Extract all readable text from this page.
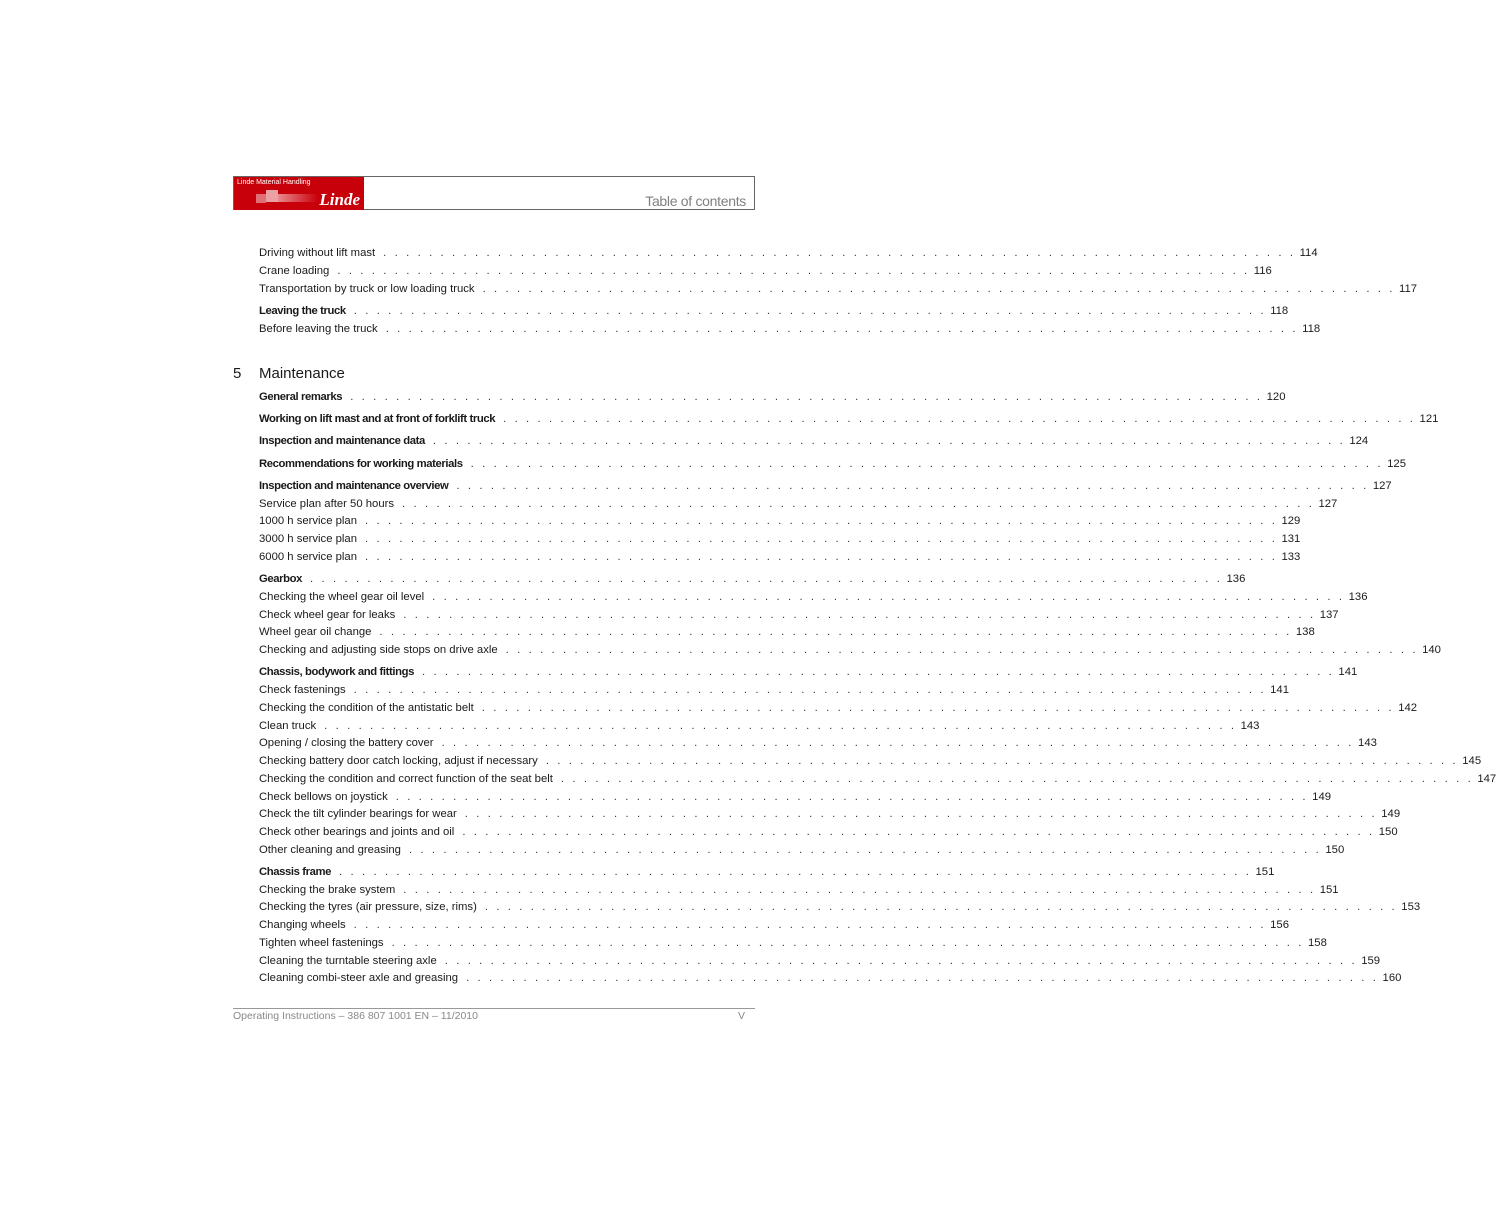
Linde Material Handling
Linde	Table of contents
Driving without lift mast . . . . . . . . . . . . . . . . . . . . . . . . . . . . . . . . . . . . . . . . . . . . . . . . . . . . . . . . . . . . . . . . . . . . . . . . . . . . . . . . 114
Crane loading . . . . . . . . . . . . . . . . . . . . . . . . . . . . . . . . . . . . . . . . . . . . . . . . . . . . . . . . . . . . . . . . . . . . . . . . . . . . . . . . 116
Transportation by truck or low loading truck . . . . . . . . . . . . . . . . . . . . . . . . . . . . . . . . . . . . . . . . . . . . . . . . . . . . . . . . . . . . . . . . . . . . . . . . . . . . . . . . 117
Leaving the truck . . . . . . . . . . . . . . . . . . . . . . . . . . . . . . . . . . . . . . . . . . . . . . . . . . . . . . . . . . . . . . . . . . . . . . . . . . . . . . . . 118
Before leaving the truck . . . . . . . . . . . . . . . . . . . . . . . . . . . . . . . . . . . . . . . . . . . . . . . . . . . . . . . . . . . . . . . . . . . . . . . . . . . . . . . . 118
General remarks . . . . . . . . . . . . . . . . . . . . . . . . . . . . . . . . . . . . . . . . . . . . . . . . . . . . . . . . . . . . . . . . . . . . . . . . . . . . . . . . 120
Working on lift mast and at front of forklift truck . . . . . . . . . . . . . . . . . . . . . . . . . . . . . . . . . . . . . . . . . . . . . . . . . . . . . . . . . . . . . . . . . . . . . . . . . . . . . . . . 121
Inspection and maintenance data . . . . . . . . . . . . . . . . . . . . . . . . . . . . . . . . . . . . . . . . . . . . . . . . . . . . . . . . . . . . . . . . . . . . . . . . . . . . . . . . 124
Recommendations for working materials . . . . . . . . . . . . . . . . . . . . . . . . . . . . . . . . . . . . . . . . . . . . . . . . . . . . . . . . . . . . . . . . . . . . . . . . . . . . . . . . 125
Inspection and maintenance overview . . . . . . . . . . . . . . . . . . . . . . . . . . . . . . . . . . . . . . . . . . . . . . . . . . . . . . . . . . . . . . . . . . . . . . . . . . . . . . . . 127
Service plan after 50 hours . . . . . . . . . . . . . . . . . . . . . . . . . . . . . . . . . . . . . . . . . . . . . . . . . . . . . . . . . . . . . . . . . . . . . . . . . . . . . . . . 127
1000 h service plan . . . . . . . . . . . . . . . . . . . . . . . . . . . . . . . . . . . . . . . . . . . . . . . . . . . . . . . . . . . . . . . . . . . . . . . . . . . . . . . . 129
3000 h service plan . . . . . . . . . . . . . . . . . . . . . . . . . . . . . . . . . . . . . . . . . . . . . . . . . . . . . . . . . . . . . . . . . . . . . . . . . . . . . . . . 131
6000 h service plan . . . . . . . . . . . . . . . . . . . . . . . . . . . . . . . . . . . . . . . . . . . . . . . . . . . . . . . . . . . . . . . . . . . . . . . . . . . . . . . . 133
Gearbox . . . . . . . . . . . . . . . . . . . . . . . . . . . . . . . . . . . . . . . . . . . . . . . . . . . . . . . . . . . . . . . . . . . . . . . . . . . . . . . . 136
Checking the wheel gear oil level . . . . . . . . . . . . . . . . . . . . . . . . . . . . . . . . . . . . . . . . . . . . . . . . . . . . . . . . . . . . . . . . . . . . . . . . . . . . . . . . 136
Check wheel gear for leaks . . . . . . . . . . . . . . . . . . . . . . . . . . . . . . . . . . . . . . . . . . . . . . . . . . . . . . . . . . . . . . . . . . . . . . . . . . . . . . . . 137
Wheel gear oil change . . . . . . . . . . . . . . . . . . . . . . . . . . . . . . . . . . . . . . . . . . . . . . . . . . . . . . . . . . . . . . . . . . . . . . . . . . . . . . . . 138
Checking and adjusting side stops on drive axle . . . . . . . . . . . . . . . . . . . . . . . . . . . . . . . . . . . . . . . . . . . . . . . . . . . . . . . . . . . . . . . . . . . . . . . . . . . . . . . . 140
Chassis, bodywork and fittings . . . . . . . . . . . . . . . . . . . . . . . . . . . . . . . . . . . . . . . . . . . . . . . . . . . . . . . . . . . . . . . . . . . . . . . . . . . . . . . . 141
Check fastenings . . . . . . . . . . . . . . . . . . . . . . . . . . . . . . . . . . . . . . . . . . . . . . . . . . . . . . . . . . . . . . . . . . . . . . . . . . . . . . . . 141
Checking the condition of the antistatic belt . . . . . . . . . . . . . . . . . . . . . . . . . . . . . . . . . . . . . . . . . . . . . . . . . . . . . . . . . . . . . . . . . . . . . . . . . . . . . . . . 142
Clean truck . . . . . . . . . . . . . . . . . . . . . . . . . . . . . . . . . . . . . . . . . . . . . . . . . . . . . . . . . . . . . . . . . . . . . . . . . . . . . . . . 143
Opening / closing the battery cover . . . . . . . . . . . . . . . . . . . . . . . . . . . . . . . . . . . . . . . . . . . . . . . . . . . . . . . . . . . . . . . . . . . . . . . . . . . . . . . . 143
Checking battery door catch locking, adjust if necessary . . . . . . . . . . . . . . . . . . . . . . . . . . . . . . . . . . . . . . . . . . . . . . . . . . . . . . . . . . . . . . . . . . . . . . . . . . . . . . . . 145
Checking the condition and correct function of the seat belt . . . . . . . . . . . . . . . . . . . . . . . . . . . . . . . . . . . . . . . . . . . . . . . . . . . . . . . . . . . . . . . . . . . . . . . . . . . . . . . . 147
Check bellows on joystick . . . . . . . . . . . . . . . . . . . . . . . . . . . . . . . . . . . . . . . . . . . . . . . . . . . . . . . . . . . . . . . . . . . . . . . . . . . . . . . . 149
Check the tilt cylinder bearings for wear . . . . . . . . . . . . . . . . . . . . . . . . . . . . . . . . . . . . . . . . . . . . . . . . . . . . . . . . . . . . . . . . . . . . . . . . . . . . . . . . 149
Check other bearings and joints and oil . . . . . . . . . . . . . . . . . . . . . . . . . . . . . . . . . . . . . . . . . . . . . . . . . . . . . . . . . . . . . . . . . . . . . . . . . . . . . . . . 150
Other cleaning and greasing . . . . . . . . . . . . . . . . . . . . . . . . . . . . . . . . . . . . . . . . . . . . . . . . . . . . . . . . . . . . . . . . . . . . . . . . . . . . . . . . 150
Chassis frame . . . . . . . . . . . . . . . . . . . . . . . . . . . . . . . . . . . . . . . . . . . . . . . . . . . . . . . . . . . . . . . . . . . . . . . . . . . . . . . . 151
Checking the brake system . . . . . . . . . . . . . . . . . . . . . . . . . . . . . . . . . . . . . . . . . . . . . . . . . . . . . . . . . . . . . . . . . . . . . . . . . . . . . . . . 151
Checking the tyres (air pressure, size, rims) . . . . . . . . . . . . . . . . . . . . . . . . . . . . . . . . . . . . . . . . . . . . . . . . . . . . . . . . . . . . . . . . . . . . . . . . . . . . . . . . 153
Changing wheels . . . . . . . . . . . . . . . . . . . . . . . . . . . . . . . . . . . . . . . . . . . . . . . . . . . . . . . . . . . . . . . . . . . . . . . . . . . . . . . . 156
Tighten wheel fastenings . . . . . . . . . . . . . . . . . . . . . . . . . . . . . . . . . . . . . . . . . . . . . . . . . . . . . . . . . . . . . . . . . . . . . . . . . . . . . . . . 158
Cleaning the turntable steering axle . . . . . . . . . . . . . . . . . . . . . . . . . . . . . . . . . . . . . . . . . . . . . . . . . . . . . . . . . . . . . . . . . . . . . . . . . . . . . . . . 159
Cleaning combi-steer axle and greasing . . . . . . . . . . . . . . . . . . . . . . . . . . . . . . . . . . . . . . . . . . . . . . . . . . . . . . . . . . . . . . . . . . . . . . . . . . . . . . . . 160
5 Maintenance
Operating Instructions – 386 807 1001 EN – 11/2010	V
